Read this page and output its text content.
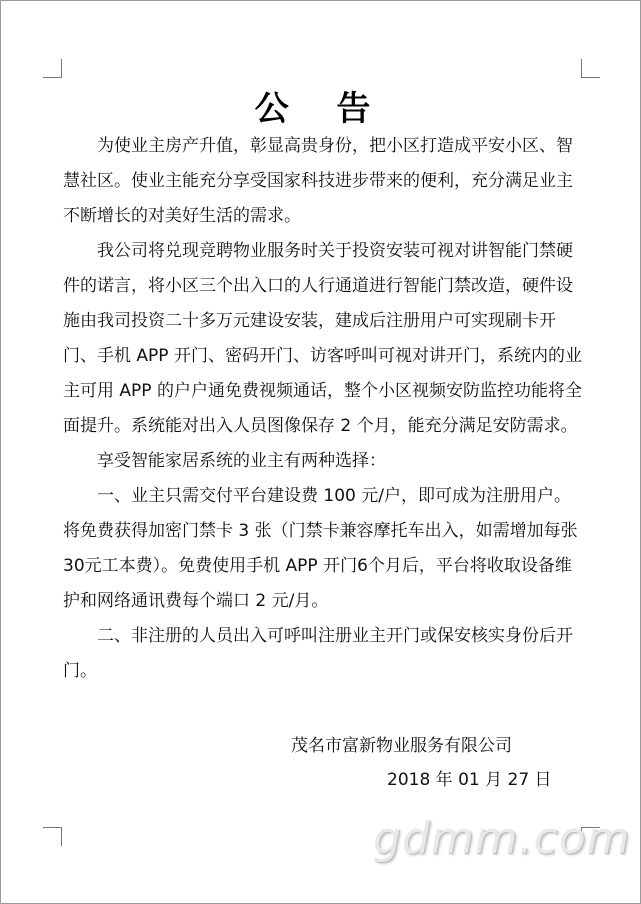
公 告

为使业主房产升值，彰显高贵身份，把小区打造成平安小区、智慧社区。使业主能充分享受国家科技进步带来的便利，充分满足业主不断增长的对美好生活的需求。

我公司将兑现竞聘物业服务时关于投资安装可视对讲智能门禁硬件的诺言，将小区三个出入口的人行通道进行智能门禁改造，硬件设施由我司投资二十多万元建设安装，建成后注册用户可实现刷卡开门、手机 APP 开门、密码开门、访客呼叫可视对讲开门，系统内的业主可用 APP 的户户通免费视频通话，整个小区视频安防监控功能将全面提升。系统能对出入人员图像保存 2 个月，能充分满足安防需求。

享受智能家居系统的业主有两种选择：

一、业主只需交付平台建设费 100 元/户，即可成为注册用户。将免费获得加密门禁卡 3 张（门禁卡兼容摩托车出入，如需增加每张30元工本费）。免费使用手机 APP 开门6个月后，平台将收取设备维护和网络通讯费每个端口 2 元/月。

二、非注册的人员出入可呼叫注册业主开门或保安核实身份后开门。

茂名市富新物业服务有限公司
2018 年 01 月 27 日
gdmm.com
